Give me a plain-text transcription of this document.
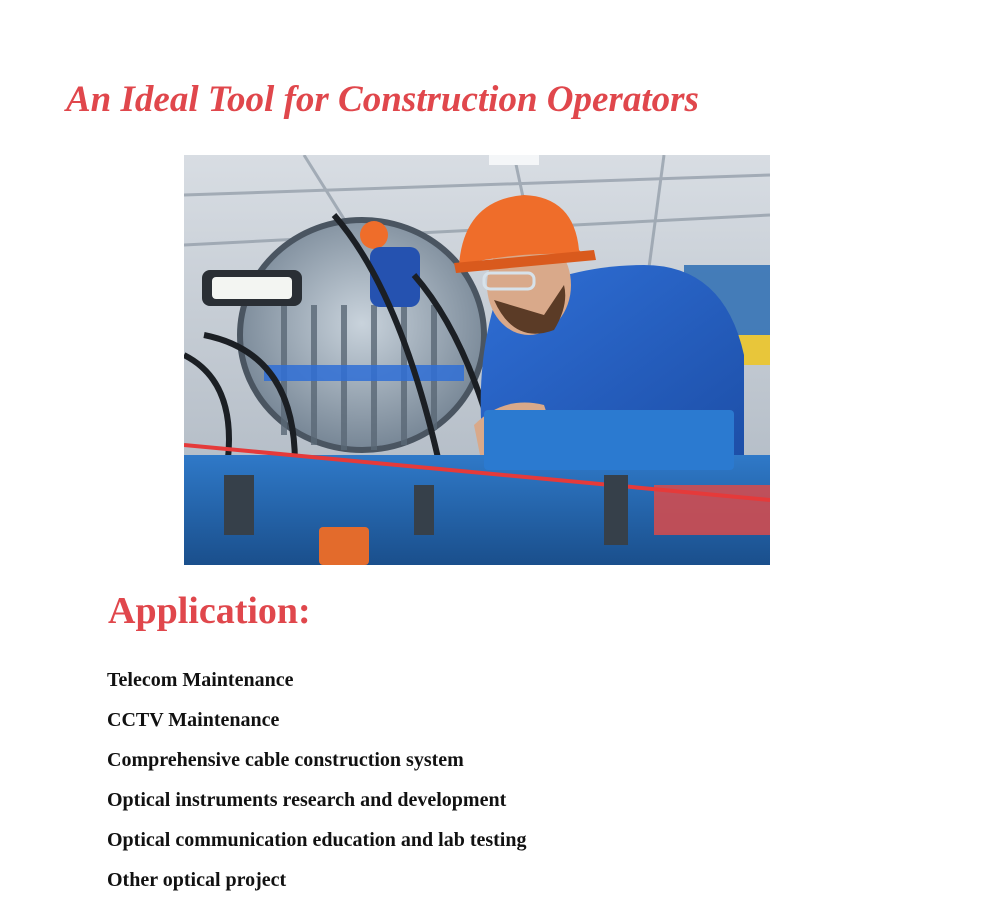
An Ideal Tool for Construction Operators
Application:
Telecom Maintenance
CCTV Maintenance
Comprehensive cable construction system
Optical instruments research and development
Optical communication education and lab testing
Other optical project
